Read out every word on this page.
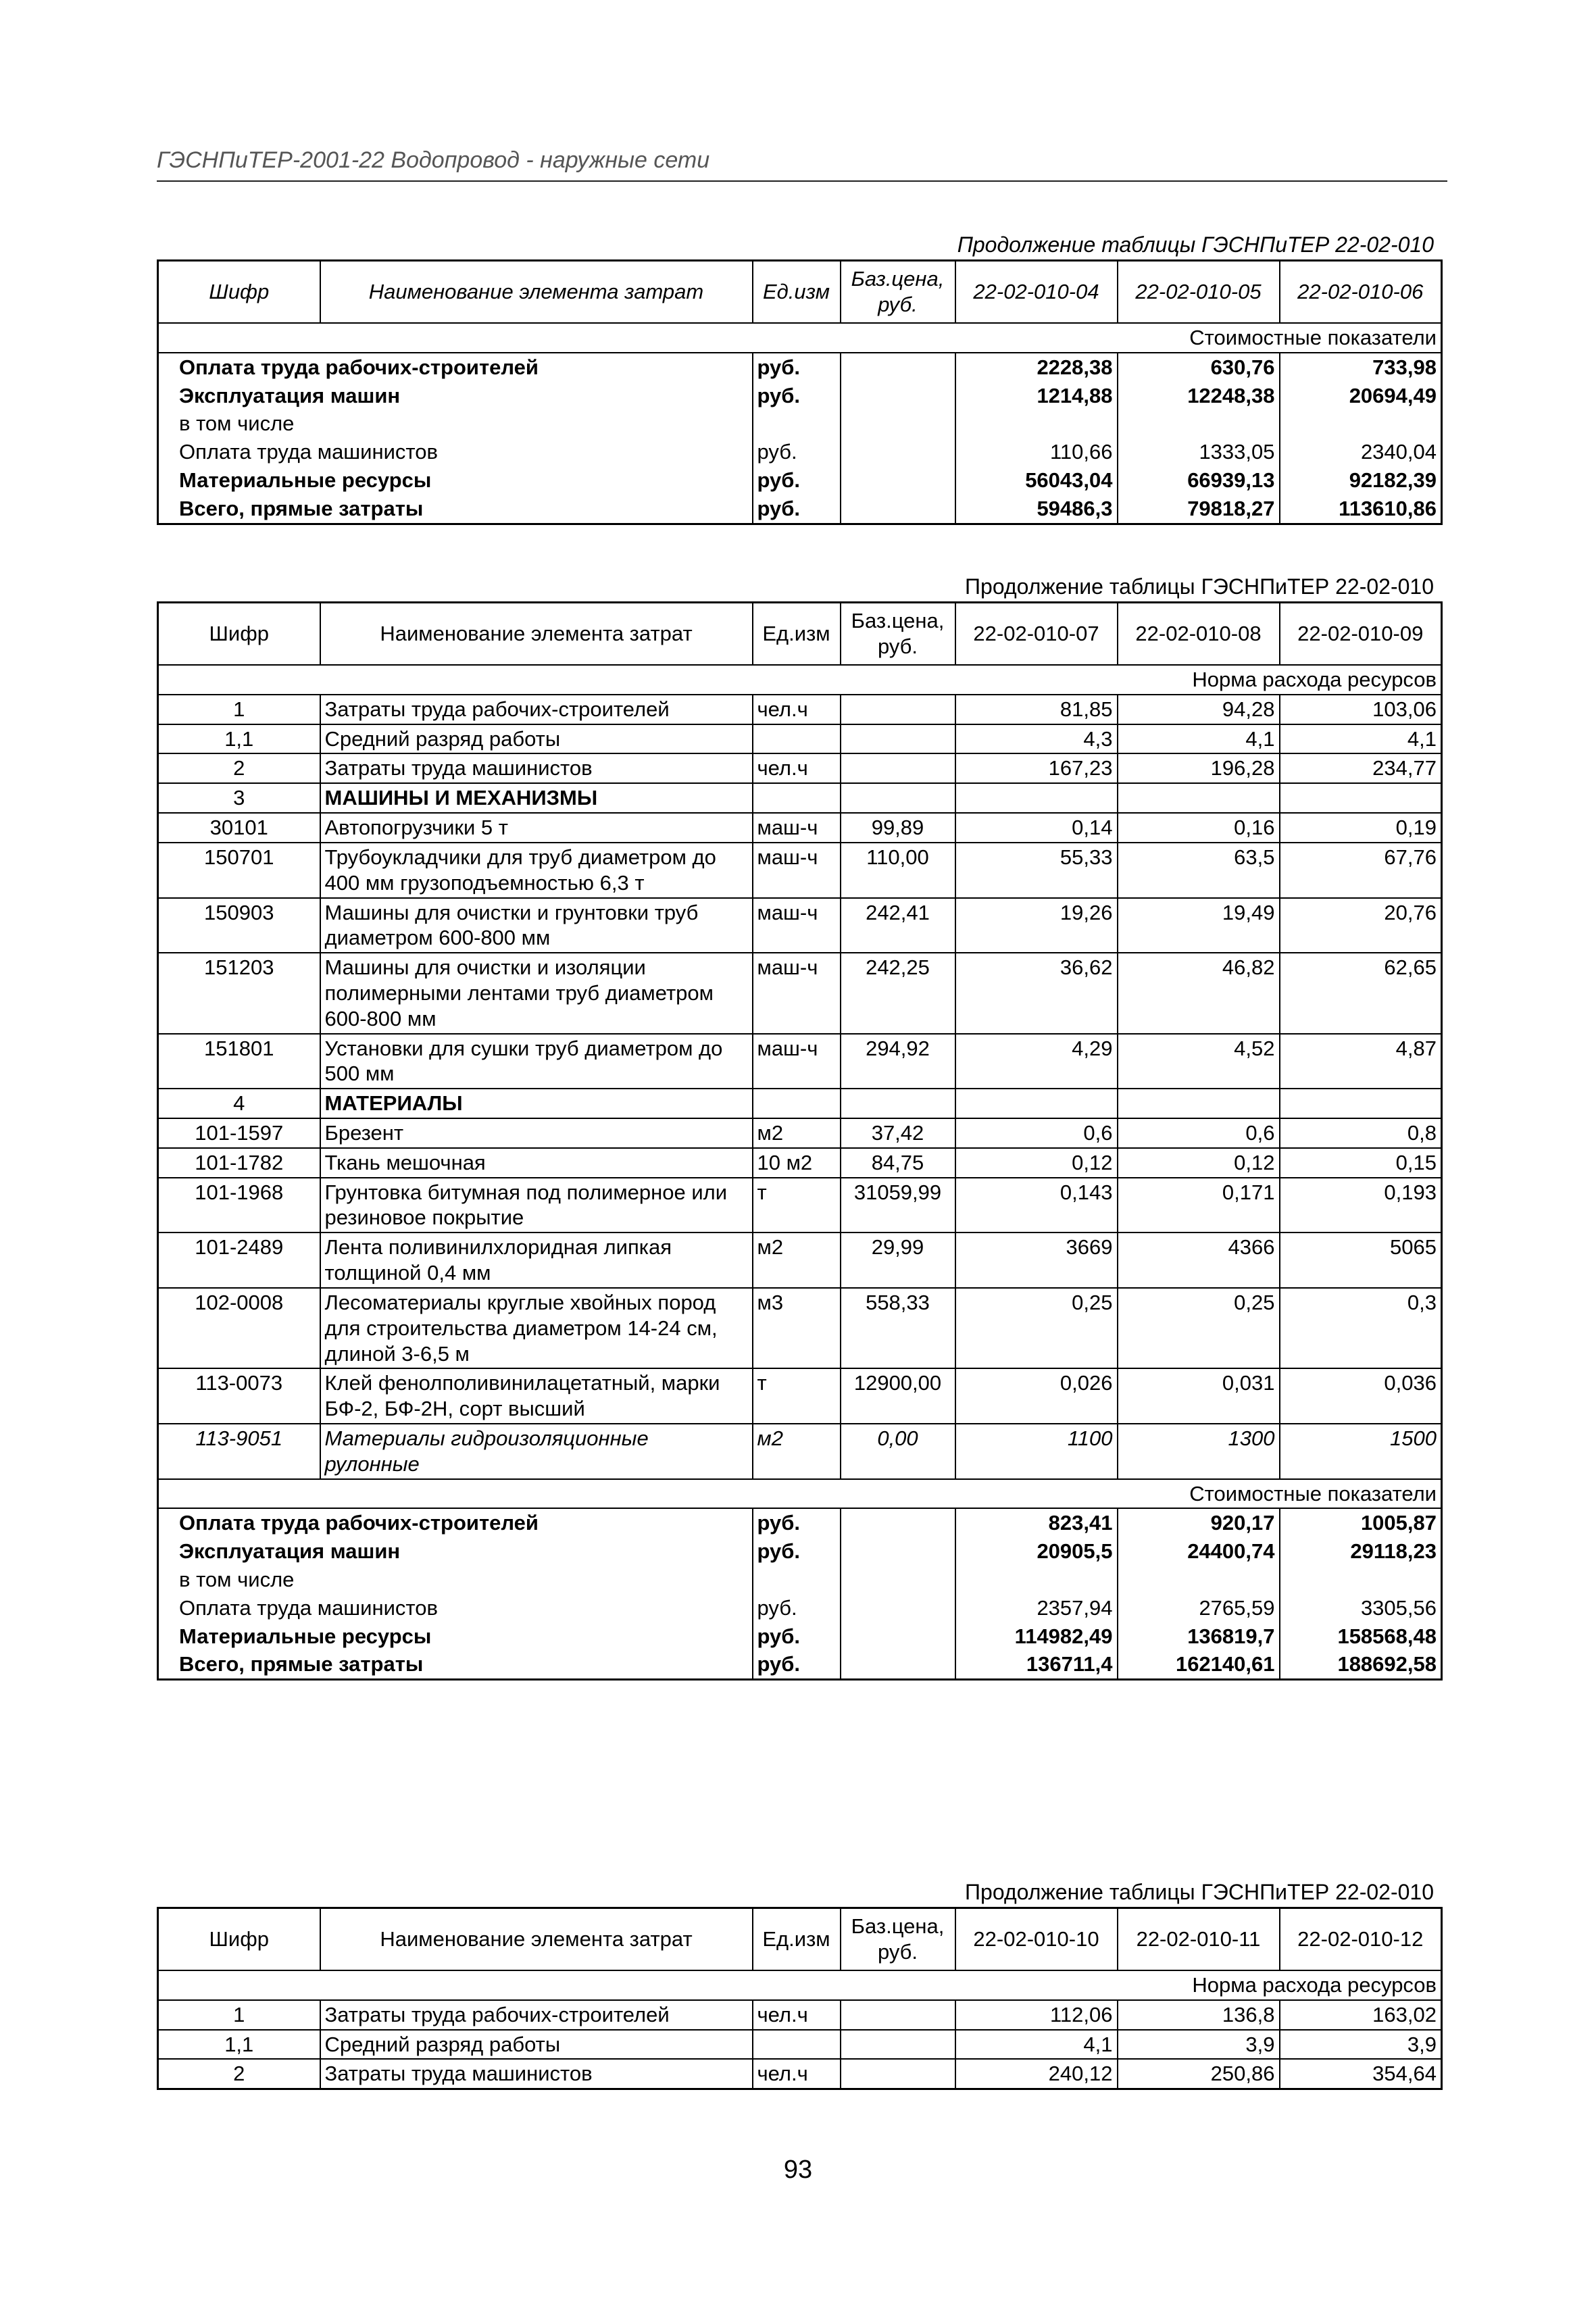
ГЭСНПиТЕР-2001-22 Водопровод - наружные сети
Продолжение таблицы ГЭСНПиТЕР 22-02-010
Шифр	Наименование элемента затрат	Ед.изм	Баз.цена, руб.	22-02-010-04	22-02-010-05	22-02-010-06
Стоимостные показатели						
Оплата труда рабочих-строителей		руб.		2228,38	630,76	733,98
Эксплуатация машин		руб.		1214,88	12248,38	20694,49
в том числе						
Оплата труда машинистов		руб.		110,66	1333,05	2340,04
Материальные ресурсы		руб.		56043,04	66939,13	92182,39
Всего, прямые затраты		руб.		59486,3	79818,27	113610,86
Продолжение таблицы ГЭСНПиТЕР 22-02-010
Шифр	Наименование элемента затрат	Ед.изм	Баз.цена, руб.	22-02-010-07	22-02-010-08	22-02-010-09
Норма расхода ресурсов						
1	Затраты труда рабочих-строителей	чел.ч		81,85	94,28	103,06
1,1	Средний разряд работы			4,3	4,1	4,1
2	Затраты труда машинистов	чел.ч		167,23	196,28	234,77
3	МАШИНЫ И МЕХАНИЗМЫ					
30101	Автопогрузчики 5 т	маш-ч	99,89	0,14	0,16	0,19
150701	Трубоукладчики для труб диаметром до 400 мм грузоподъемностью 6,3 т	маш-ч	110,00	55,33	63,5	67,76
150903	Машины для очистки и грунтовки труб диаметром 600-800 мм	маш-ч	242,41	19,26	19,49	20,76
151203	Машины для очистки и изоляции полимерными лентами труб диаметром 600-800 мм	маш-ч	242,25	36,62	46,82	62,65
151801	Установки для сушки труб диаметром до 500 мм	маш-ч	294,92	4,29	4,52	4,87
4	МАТЕРИАЛЫ					
101-1597	Брезент	м2	37,42	0,6	0,6	0,8
101-1782	Ткань мешочная	10 м2	84,75	0,12	0,12	0,15
101-1968	Грунтовка битумная под полимерное или резиновое покрытие	т	31059,99	0,143	0,171	0,193
101-2489	Лента поливинилхлоридная липкая толщиной 0,4 мм	м2	29,99	3669	4366	5065
102-0008	Лесоматериалы круглые хвойных пород для строительства диаметром 14-24 см, длиной 3-6,5 м	м3	558,33	0,25	0,25	0,3
113-0073	Клей фенолполивинилацетатный, марки БФ-2, БФ-2Н, сорт высший	т	12900,00	0,026	0,031	0,036
113-9051	Материалы гидроизоляционные рулонные	м2	0,00	1100	1300	1500
Стоимостные показатели						
Оплата труда рабочих-строителей		руб.		823,41	920,17	1005,87
Эксплуатация машин		руб.		20905,5	24400,74	29118,23
в том числе						
Оплата труда машинистов		руб.		2357,94	2765,59	3305,56
Материальные ресурсы		руб.		114982,49	136819,7	158568,48
Всего, прямые затраты		руб.		136711,4	162140,61	188692,58
Продолжение таблицы ГЭСНПиТЕР 22-02-010
Шифр	Наименование элемента затрат	Ед.изм	Баз.цена, руб.	22-02-010-10	22-02-010-11	22-02-010-12
Норма расхода ресурсов						
1	Затраты труда рабочих-строителей	чел.ч		112,06	136,8	163,02
1,1	Средний разряд работы			4,1	3,9	3,9
2	Затраты труда машинистов	чел.ч		240,12	250,86	354,64
93
